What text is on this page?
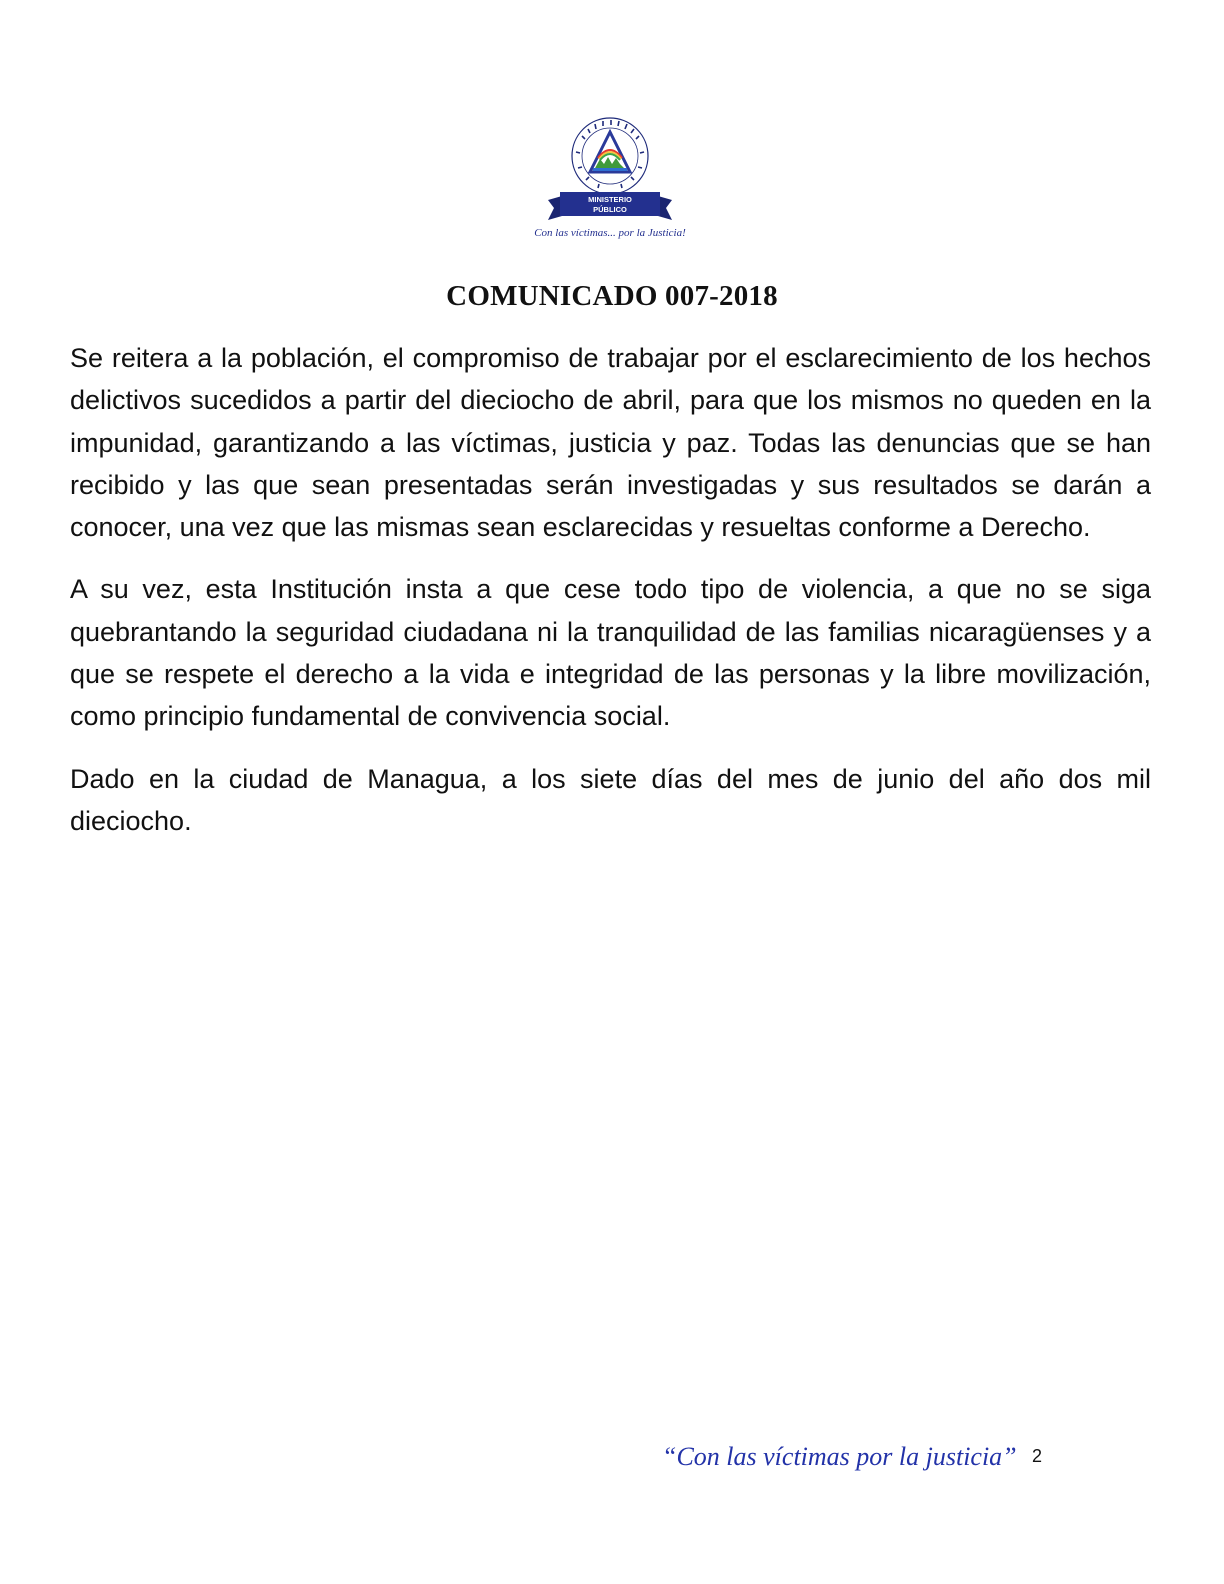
MINISTERIO
PÚBLICO
Con las víctimas... por la Justicia!
COMUNICADO 007-2018

Se reitera a la población, el compromiso de trabajar por el esclarecimiento de los hechos delictivos sucedidos a partir del dieciocho de abril, para que los mismos no queden en la impunidad, garantizando a las víctimas, justicia y paz. Todas las denuncias que se han recibido y las que sean presentadas serán investigadas y sus resultados se darán a conocer, una vez que las mismas sean esclarecidas y resueltas conforme a Derecho.

A su vez, esta Institución insta a que cese todo tipo de violencia, a que no se siga quebrantando la seguridad ciudadana ni la tranquilidad de las familias nicaragüenses y a que se respete el derecho a la vida e integridad de las personas y la libre movilización, como principio fundamental de convivencia social.

Dado en la ciudad de Managua, a los siete días del mes de junio del año dos mil dieciocho.

“Con las víctimas por la justicia” 2
